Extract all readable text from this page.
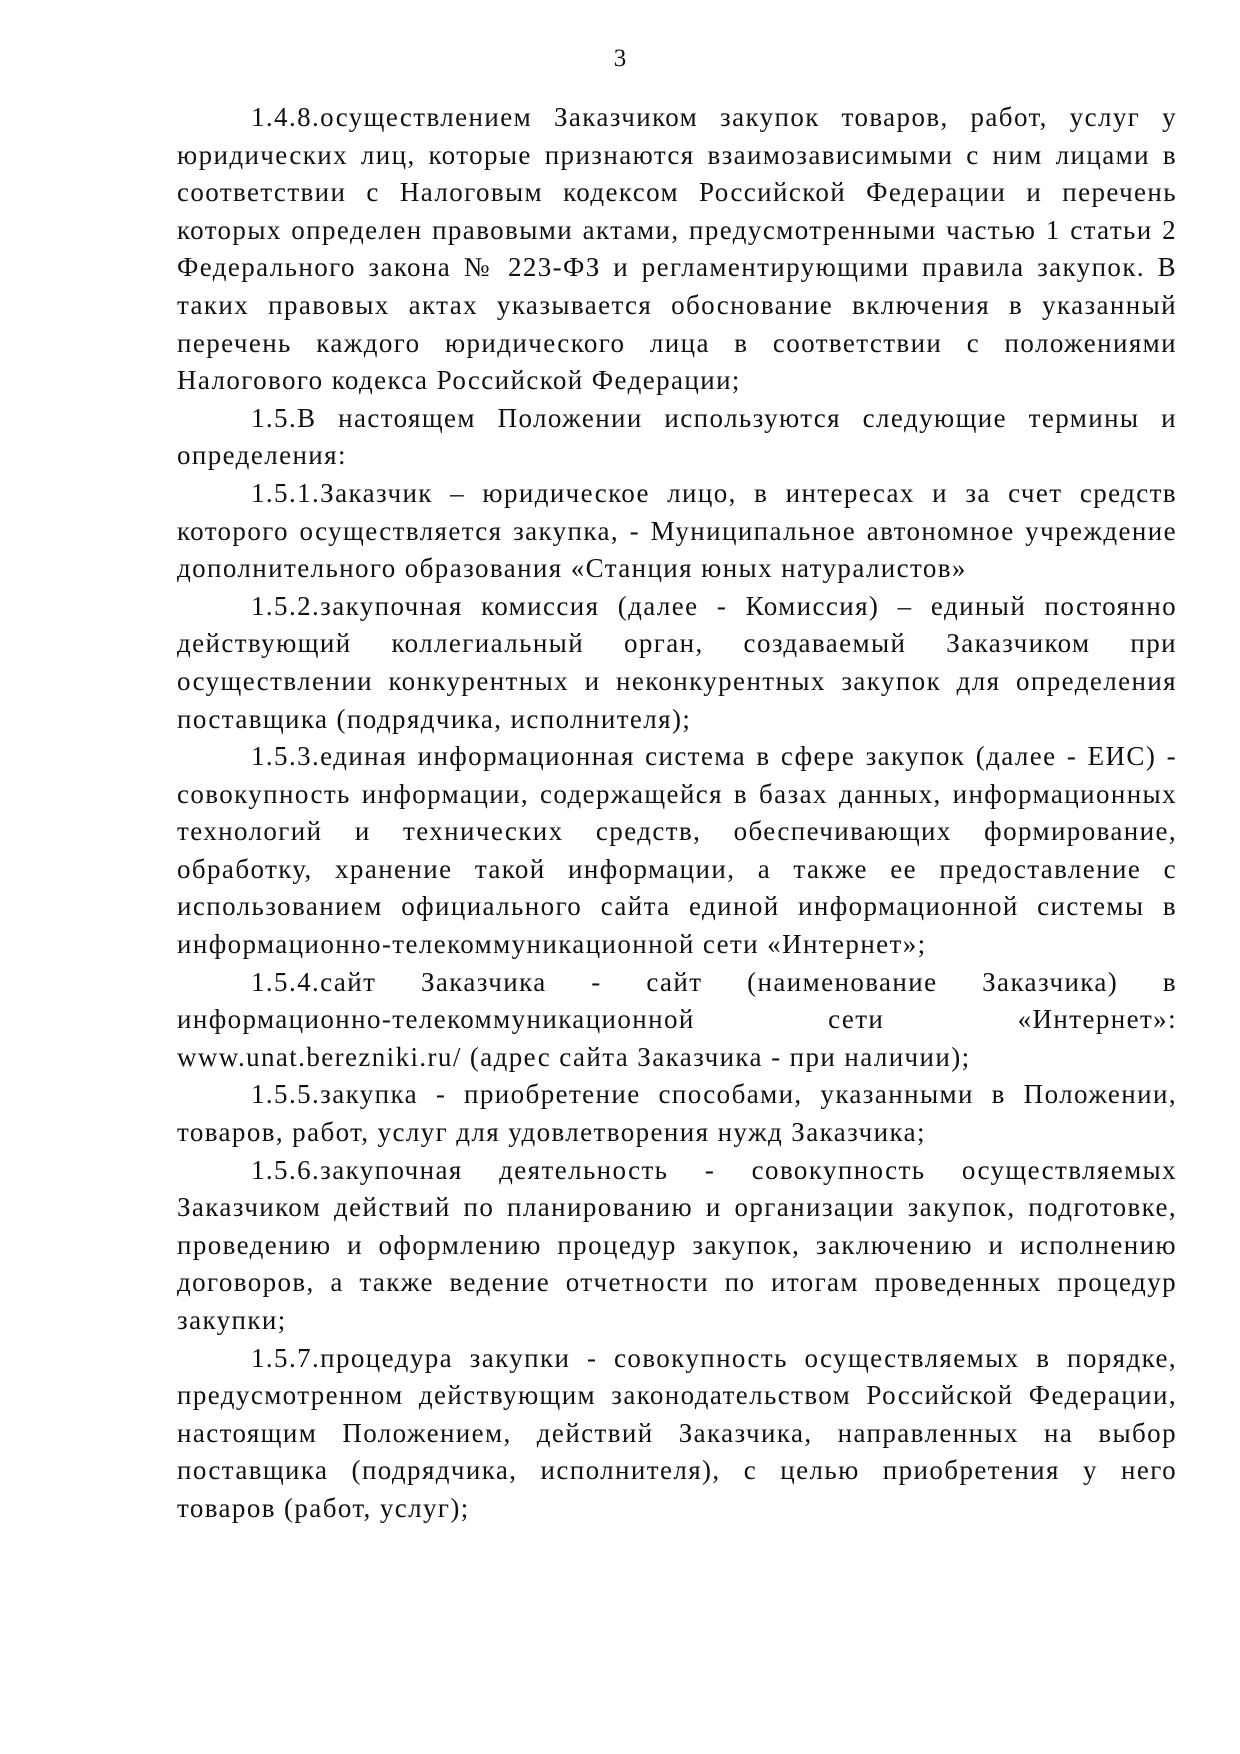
3

1.4.8.осуществлением Заказчиком закупок товаров, работ, услуг у юридических лиц, которые признаются взаимозависимыми с ним лицами в соответствии с Налоговым кодексом Российской Федерации и перечень которых определен правовыми актами, предусмотренными частью 1 статьи 2 Федерального закона № 223-ФЗ и регламентирующими правила закупок. В таких правовых актах указывается обоснование включения в указанный перечень каждого юридического лица в соответствии с положениями Налогового кодекса Российской Федерации;

1.5.В настоящем Положении используются следующие термины и определения:

1.5.1.Заказчик – юридическое лицо, в интересах и за счет средств которого осуществляется закупка, - Муниципальное автономное учреждение дополнительного образования «Станция юных натуралистов»

1.5.2.закупочная комиссия (далее - Комиссия) – единый постоянно действующий коллегиальный орган, создаваемый Заказчиком при осуществлении конкурентных и неконкурентных закупок для определения поставщика (подрядчика, исполнителя);

1.5.3.единая информационная система в сфере закупок (далее - ЕИС) - совокупность информации, содержащейся в базах данных, информационных технологий и технических средств, обеспечивающих формирование, обработку, хранение такой информации, а также ее предоставление с использованием официального сайта единой информационной системы в информационно-телекоммуникационной сети «Интернет»;

1.5.4.сайт Заказчика - сайт (наименование Заказчика) в информационно-телекоммуникационной сети «Интернет»: www.unat.berezniki.ru/ (адрес сайта Заказчика - при наличии);

1.5.5.закупка - приобретение способами, указанными в Положении, товаров, работ, услуг для удовлетворения нужд Заказчика;

1.5.6.закупочная деятельность - совокупность осуществляемых Заказчиком действий по планированию и организации закупок, подготовке, проведению и оформлению процедур закупок, заключению и исполнению договоров, а также ведение отчетности по итогам проведенных процедур закупки;

1.5.7.процедура закупки - совокупность осуществляемых в порядке, предусмотренном действующим законодательством Российской Федерации, настоящим Положением, действий Заказчика, направленных на выбор поставщика (подрядчика, исполнителя), с целью приобретения у него товаров (работ, услуг);
